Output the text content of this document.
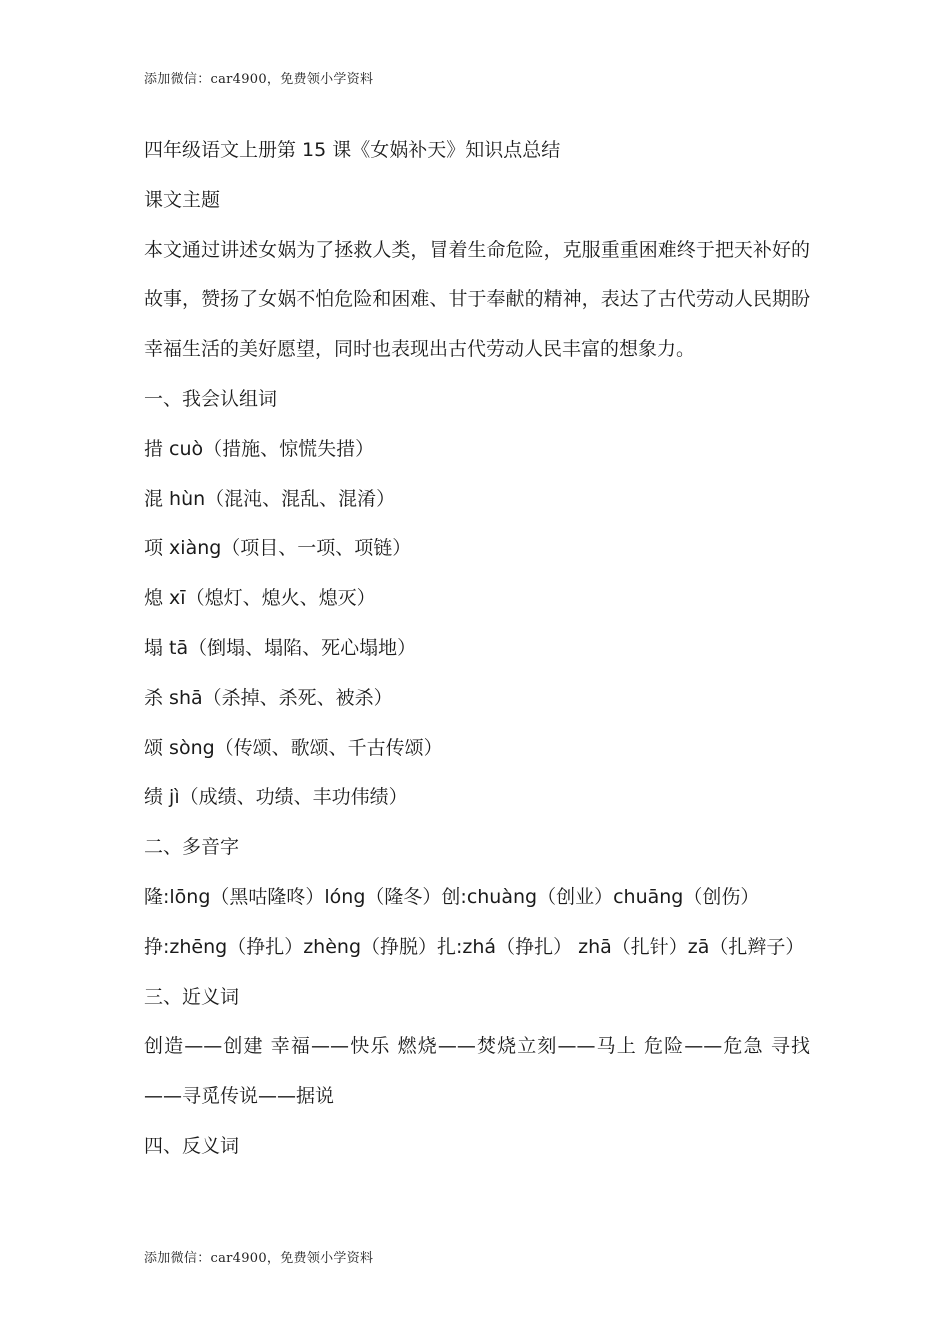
添加微信：car4900，免费领小学资料
四年级语文上册第 15 课《女娲补天》知识点总结
课文主题
本文通过讲述女娲为了拯救人类，冒着生命危险，克服重重困难终于把天补好的故事，赞扬了女娲不怕危险和困难、甘于奉献的精神，表达了古代劳动人民期盼幸福生活的美好愿望，同时也表现出古代劳动人民丰富的想象力。
一、我会认组词
措 cuò（措施、惊慌失措）
混 hùn（混沌、混乱、混淆）
项 xiàng（项目、一项、项链）
熄 xī（熄灯、熄火、熄灭）
塌 tā（倒塌、塌陷、死心塌地）
杀 shā（杀掉、杀死、被杀）
颂 sòng（传颂、歌颂、千古传颂）
绩 jì（成绩、功绩、丰功伟绩）
二、多音字
隆:lōng（黑咕隆咚）lóng（隆冬）创:chuàng（创业）chuāng（创伤）
挣:zhēng（挣扎）zhèng（挣脱）扎:zhá（挣扎） zhā（扎针）zā（扎辫子）
三、近义词
创造——创建 幸福——快乐 燃烧——焚烧立刻——马上 危险——危急 寻找——寻觅传说——据说
四、反义词
添加微信：car4900，免费领小学资料
